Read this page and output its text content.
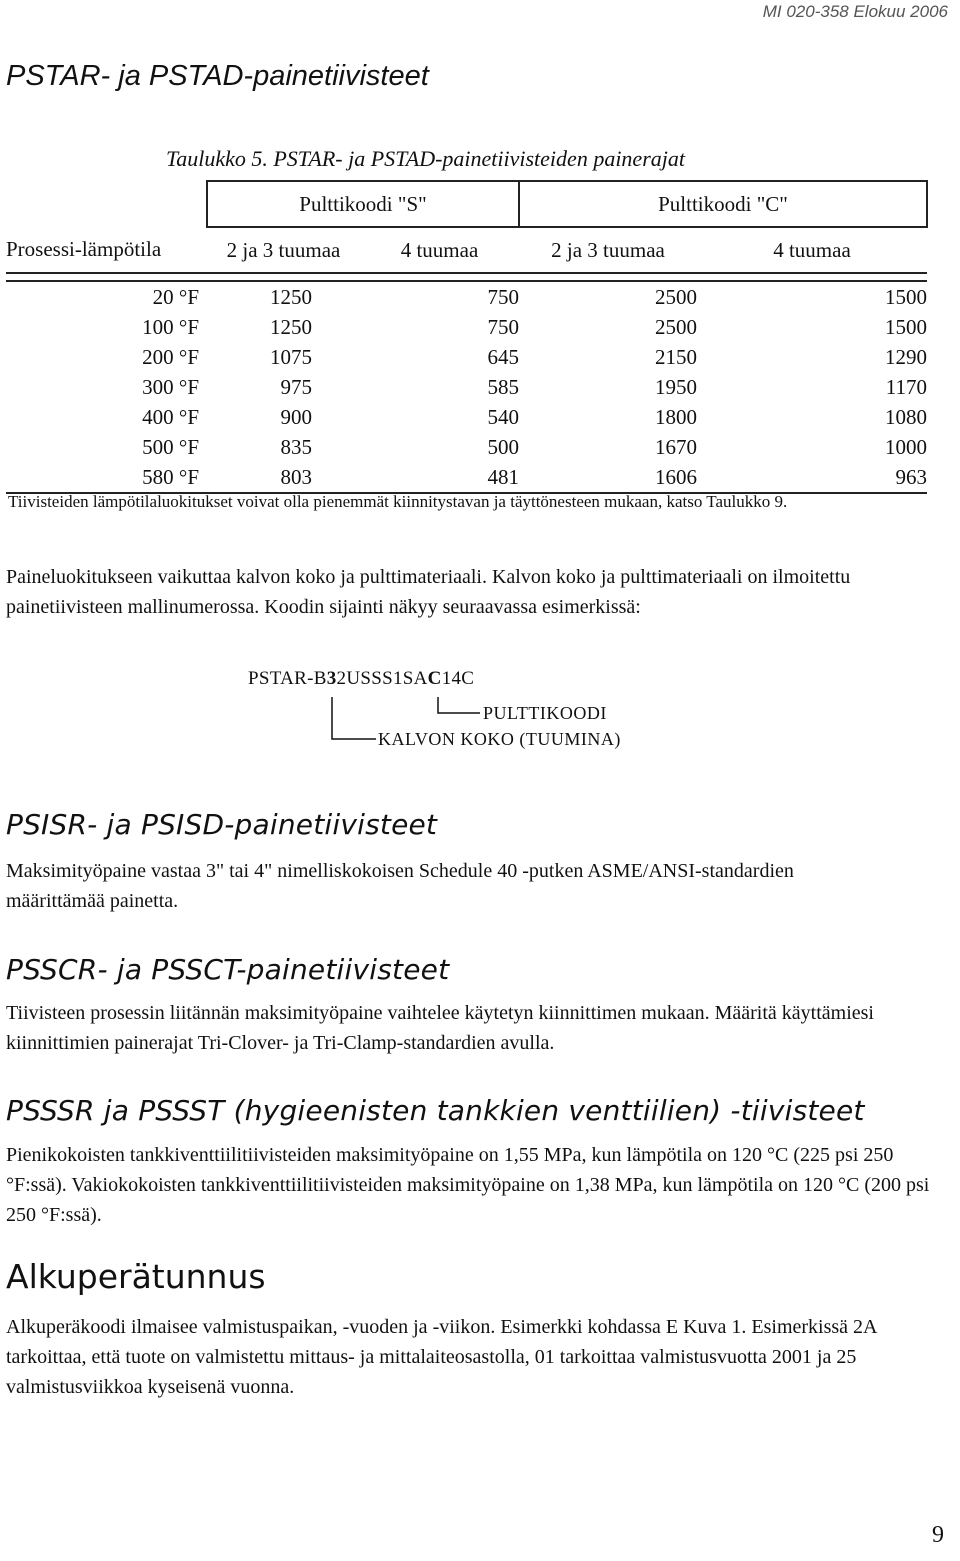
MI 020-358 Elokuu 2006
PSTAR- ja PSTAD-painetiivisteet
Taulukko 5. PSTAR- ja PSTAD-painetiivisteiden painerajat
	Pulttikoodi "S"		Pulttikoodi "C"	
Prosessi-lämpötila	2 ja 3 tuumaa	4 tuumaa	2 ja 3 tuumaa	4 tuumaa

20 °F	1250	750	2500	1500
100 °F	1250	750	2500	1500
200 °F	1075	645	2150	1290
300 °F	975	585	1950	1170
400 °F	900	540	1800	1080
500 °F	835	500	1670	1000
580 °F	803	481	1606	963
Tiivisteiden lämpötilaluokitukset voivat olla pienemmät kiinnitystavan ja täyttönesteen mukaan, katso Taulukko 9.

Paineluokitukseen vaikuttaa kalvon koko ja pulttimateriaali. Kalvon koko ja pulttimateriaali on ilmoitettu painetiivisteen mallinumerossa. Koodin sijainti näkyy seuraavassa esimerkissä:

PSTAR-B32USSS1SAC14C
PULTTIKOODI
KALVON KOKO (TUUMINA)
PSISR- ja PSISD-painetiivisteet

Maksimityöpaine vastaa 3" tai 4" nimelliskokoisen Schedule 40 -putken ASME/ANSI-standardien määrittämää painetta.

PSSCR- ja PSSCT-painetiivisteet

Tiivisteen prosessin liitännän maksimityöpaine vaihtelee käytetyn kiinnittimen mukaan. Määritä käyttämiesi kiinnittimien painerajat Tri-Clover- ja Tri-Clamp-standardien avulla.

PSSSR ja PSSST (hygieenisten tankkien venttiilien) -tiivisteet

Pienikokoisten tankkiventtiilitiivisteiden maksimityöpaine on 1,55 MPa, kun lämpötila on 120 °C (225 psi 250 °F:ssä). Vakiokokoisten tankkiventtiilitiivisteiden maksimityöpaine on 1,38 MPa, kun lämpötila on 120 °C (200 psi 250 °F:ssä).

Alkuperätunnus

Alkuperäkoodi ilmaisee valmistuspaikan, -vuoden ja -viikon. Esimerkki kohdassa E Kuva 1. Esimerkissä 2A tarkoittaa, että tuote on valmistettu mittaus- ja mittalaiteosastolla, 01 tarkoittaa valmistusvuotta 2001 ja 25 valmistusviikkoa kyseisenä vuonna.

9
